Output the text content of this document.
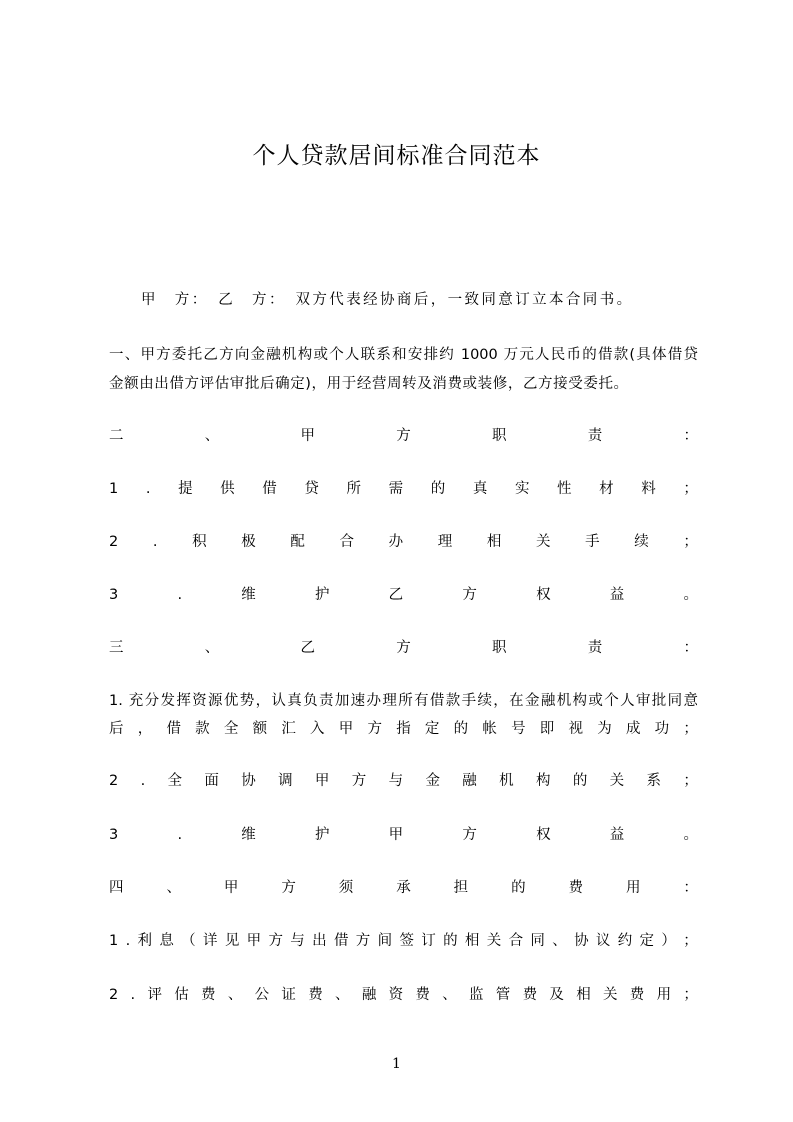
个人贷款居间标准合同范本
甲　方：　乙　方：　双方代表经协商后，一致同意订立本合同书。
一、甲方委托乙方向金融机构或个人联系和安排约 1000 万元人民币的借款(具体借贷
金额由出借方评估审批后确定)，用于经营周转及消费或装修，乙方接受委托。
二	、	甲	方	职	责	：
1 . 提 供 借 贷 所 需 的 真 实 性 材 料 ；
2 . 积 极 配 合 办 理 相 关 手 续 ；
3	.	维	护	乙	方	权	益	。
三	、	乙	方	职	责	：
1. 充分发挥资源优势，认真负责加速办理所有借款手续，在金融机构或个人审批同意
后 ， 借 款 全 额 汇 入 甲 方 指 定 的 帐 号 即 视 为 成 功 ；
2 . 全 面 协 调 甲 方 与 金 融 机 构 的 关 系 ；
3	.	维	护	甲	方	权	益	。
四	、	甲	方	须	承	担	的	费	用	：
1 . 利 息 （ 详 见 甲 方 与 出 借 方 间 签 订 的 相 关 合 同 、 协 议 约 定 ） ；
2 . 评 估 费 、 公 证 费 、 融 资 费 、 监 管 费 及 相 关 费 用 ；
1
